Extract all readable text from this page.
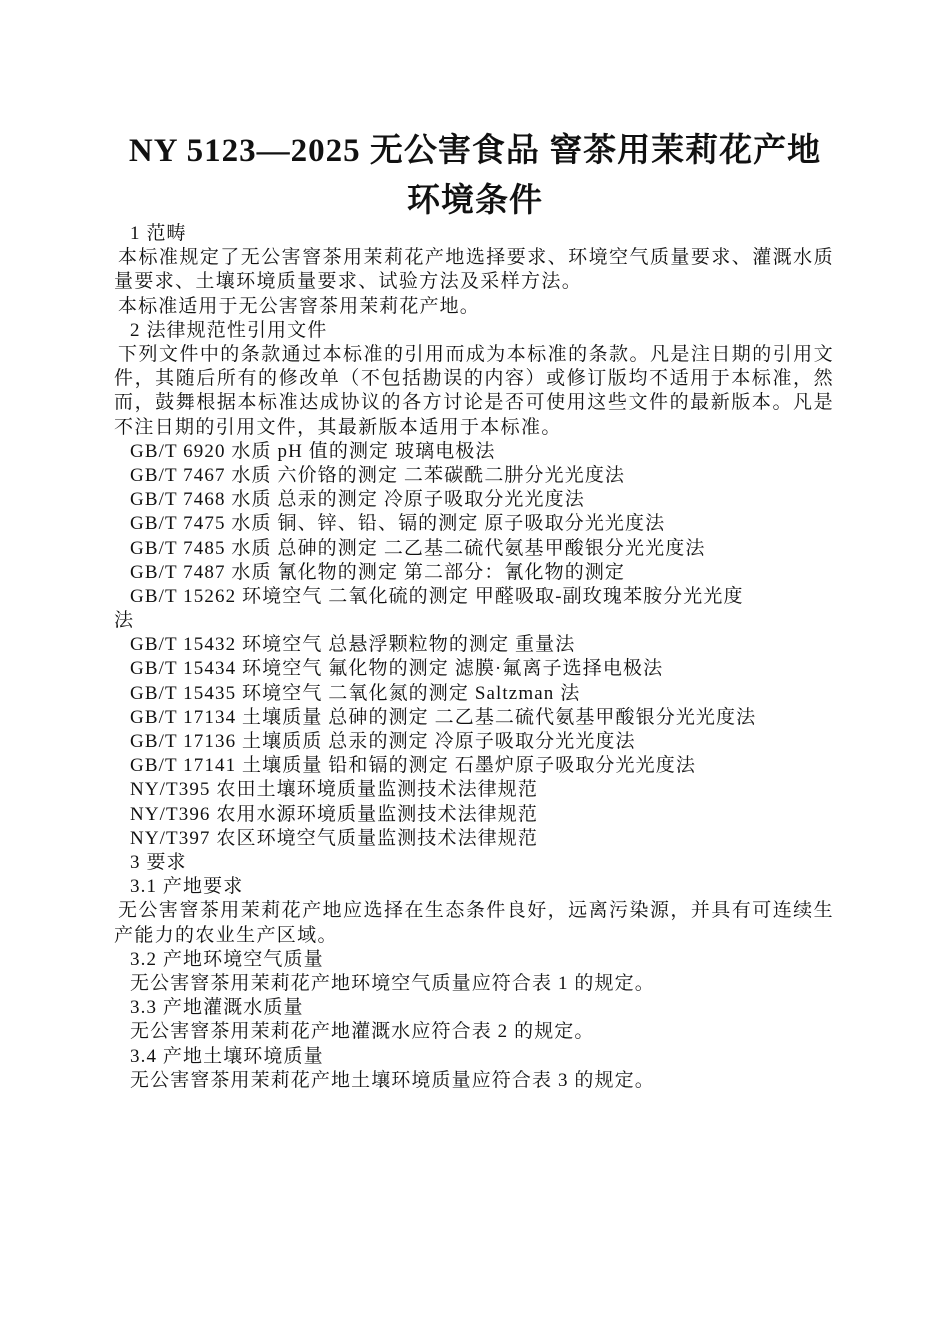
NY 5123—2025 无公害食品 窨茶用茉莉花产地
环境条件
1 范畴
本标准规定了无公害窨茶用茉莉花产地选择要求、环境空气质量要求、灌溉水质量要求、土壤环境质量要求、试验方法及采样方法。
本标准适用于无公害窨茶用茉莉花产地。
2 法律规范性引用文件
下列文件中的条款通过本标准的引用而成为本标准的条款。凡是注日期的引用文件，其随后所有的修改单（不包括勘误的内容）或修订版均不适用于本标准，然而，鼓舞根据本标准达成协议的各方讨论是否可使用这些文件的最新版本。凡是不注日期的引用文件，其最新版本适用于本标准。
GB/T 6920 水质 pH 值的测定 玻璃电极法
GB/T 7467 水质 六价铬的测定 二苯碳酰二肼分光光度法
GB/T 7468 水质 总汞的测定 冷原子吸取分光光度法
GB/T 7475 水质 铜、锌、铅、镉的测定 原子吸取分光光度法
GB/T 7485 水质 总砷的测定 二乙基二硫代氨基甲酸银分光光度法
GB/T 7487 水质 氰化物的测定 第二部分：氰化物的测定
GB/T 15262 环境空气 二氧化硫的测定 甲醛吸取-副玫瑰苯胺分光光度
法
GB/T 15432 环境空气 总悬浮颗粒物的测定 重量法
GB/T 15434 环境空气 氟化物的测定 滤膜·氟离子选择电极法
GB/T 15435 环境空气 二氧化氮的测定 Saltzman 法
GB/T 17134 土壤质量 总砷的测定 二乙基二硫代氨基甲酸银分光光度法
GB/T 17136 土壤质质 总汞的测定 冷原子吸取分光光度法
GB/T 17141 土壤质量 铅和镉的测定 石墨炉原子吸取分光光度法
NY/T395 农田土壤环境质量监测技术法律规范
NY/T396 农用水源环境质量监测技术法律规范
NY/T397 农区环境空气质量监测技术法律规范
3 要求
3.1 产地要求
无公害窨茶用茉莉花产地应选择在生态条件良好，远离污染源，并具有可连续生产能力的农业生产区域。
3.2 产地环境空气质量
无公害窨茶用茉莉花产地环境空气质量应符合表 1 的规定。
3.3 产地灌溉水质量
无公害窨茶用茉莉花产地灌溉水应符合表 2 的规定。
3.4 产地土壤环境质量
无公害窨茶用茉莉花产地土壤环境质量应符合表 3 的规定。
